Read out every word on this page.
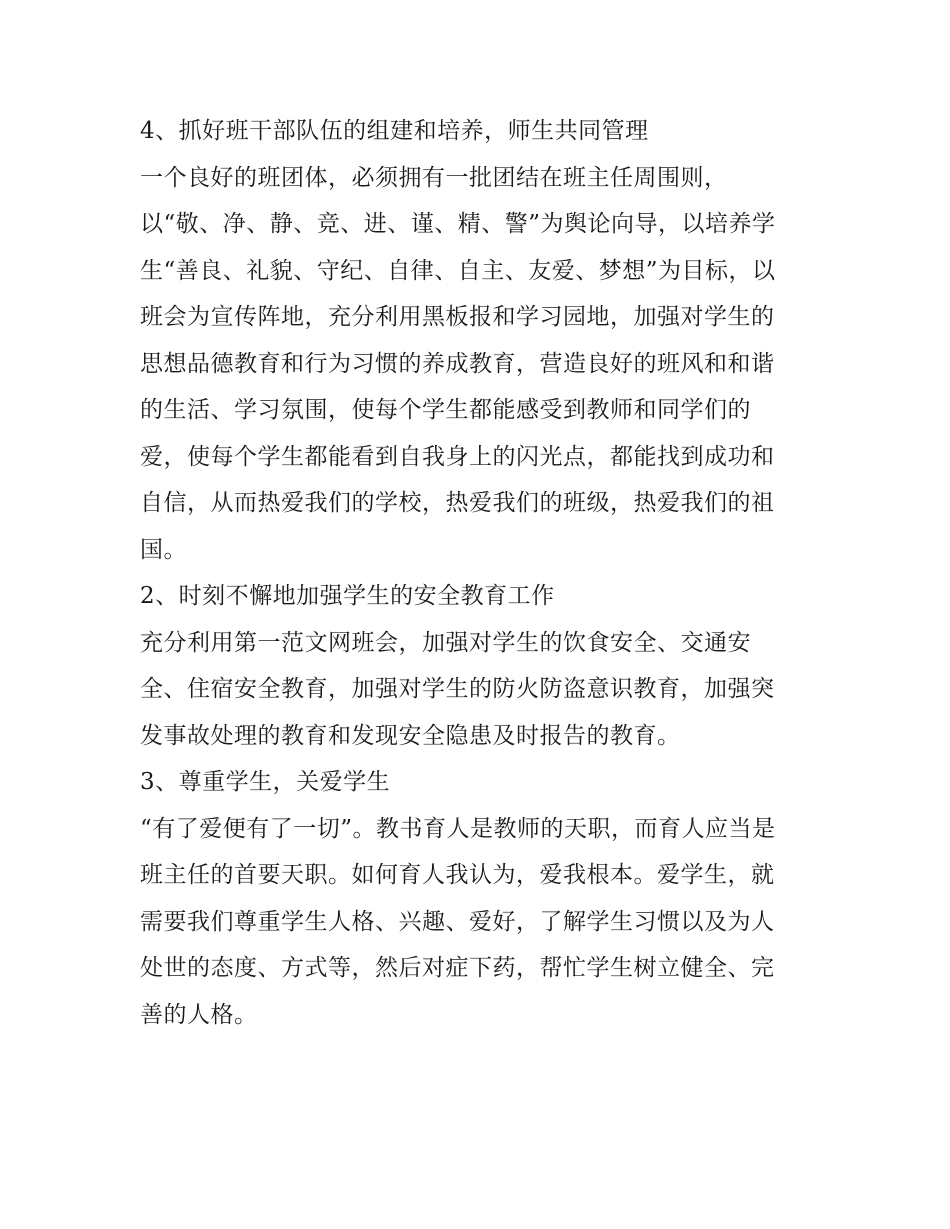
4、抓好班干部队伍的组建和培养，师生共同管理
一个良好的班团体，必须拥有一批团结在班主任周围则，
以“敬、净、静、竞、进、谨、精、警”为舆论向导，以培养学
生“善良、礼貌、守纪、自律、自主、友爱、梦想”为目标，以
班会为宣传阵地，充分利用黑板报和学习园地，加强对学生的
思想品德教育和行为习惯的养成教育，营造良好的班风和和谐
的生活、学习氛围，使每个学生都能感受到教师和同学们的
爱，使每个学生都能看到自我身上的闪光点，都能找到成功和
自信，从而热爱我们的学校，热爱我们的班级，热爱我们的祖
国。
2、时刻不懈地加强学生的安全教育工作
充分利用第一范文网班会，加强对学生的饮食安全、交通安
全、住宿安全教育，加强对学生的防火防盗意识教育，加强突
发事故处理的教育和发现安全隐患及时报告的教育。
3、尊重学生，关爱学生
“有了爱便有了一切”。教书育人是教师的天职，而育人应当是
班主任的首要天职。如何育人我认为，爱我根本。爱学生，就
需要我们尊重学生人格、兴趣、爱好，了解学生习惯以及为人
处世的态度、方式等，然后对症下药，帮忙学生树立健全、完
善的人格。
